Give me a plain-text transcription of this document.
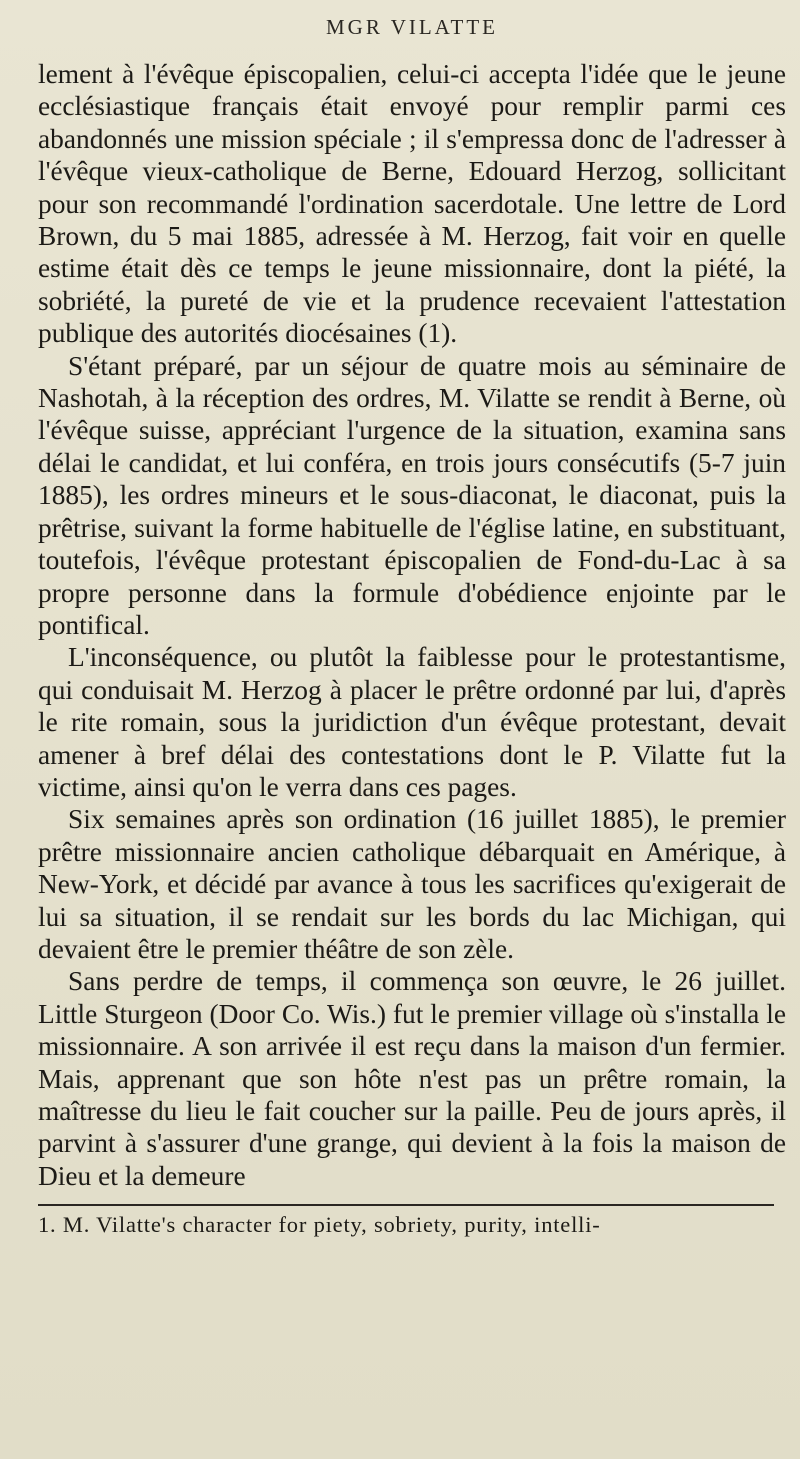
MGR VILATTE

lement à l'évêque épiscopalien, celui-ci accepta l'idée que le jeune ecclésiastique français était envoyé pour remplir parmi ces abandonnés une mission spéciale ; il s'empressa donc de l'adresser à l'évêque vieux-catholique de Berne, Edouard Herzog, sollicitant pour son recommandé l'ordination sacerdotale. Une lettre de Lord Brown, du 5 mai 1885, adressée à M. Herzog, fait voir en quelle estime était dès ce temps le jeune missionnaire, dont la piété, la sobriété, la pureté de vie et la prudence recevaient l'attestation publique des autorités diocésaines (1).

S'étant préparé, par un séjour de quatre mois au séminaire de Nashotah, à la réception des ordres, M. Vilatte se rendit à Berne, où l'évêque suisse, appréciant l'urgence de la situation, examina sans délai le candidat, et lui conféra, en trois jours consécutifs (5-7 juin 1885), les ordres mineurs et le sous-diaconat, le diaconat, puis la prêtrise, suivant la forme habituelle de l'église latine, en substituant, toutefois, l'évêque protestant épiscopalien de Fond-du-Lac à sa propre personne dans la formule d'obédience enjointe par le pontifical.

L'inconséquence, ou plutôt la faiblesse pour le protestantisme, qui conduisait M. Herzog à placer le prêtre ordonné par lui, d'après le rite romain, sous la juridiction d'un évêque protestant, devait amener à bref délai des contestations dont le P. Vilatte fut la victime, ainsi qu'on le verra dans ces pages.

Six semaines après son ordination (16 juillet 1885), le premier prêtre missionnaire ancien catholique débarquait en Amérique, à New-York, et décidé par avance à tous les sacrifices qu'exigerait de lui sa situation, il se rendait sur les bords du lac Michigan, qui devaient être le premier théâtre de son zèle.

Sans perdre de temps, il commença son œuvre, le 26 juillet. Little Sturgeon (Door Co. Wis.) fut le premier village où s'installa le missionnaire. A son arrivée il est reçu dans la maison d'un fermier. Mais, apprenant que son hôte n'est pas un prêtre romain, la maîtresse du lieu le fait coucher sur la paille. Peu de jours après, il parvint à s'assurer d'une grange, qui devient à la fois la maison de Dieu et la demeure

1. M. Vilatte's character for piety, sobriety, purity, intelli-
